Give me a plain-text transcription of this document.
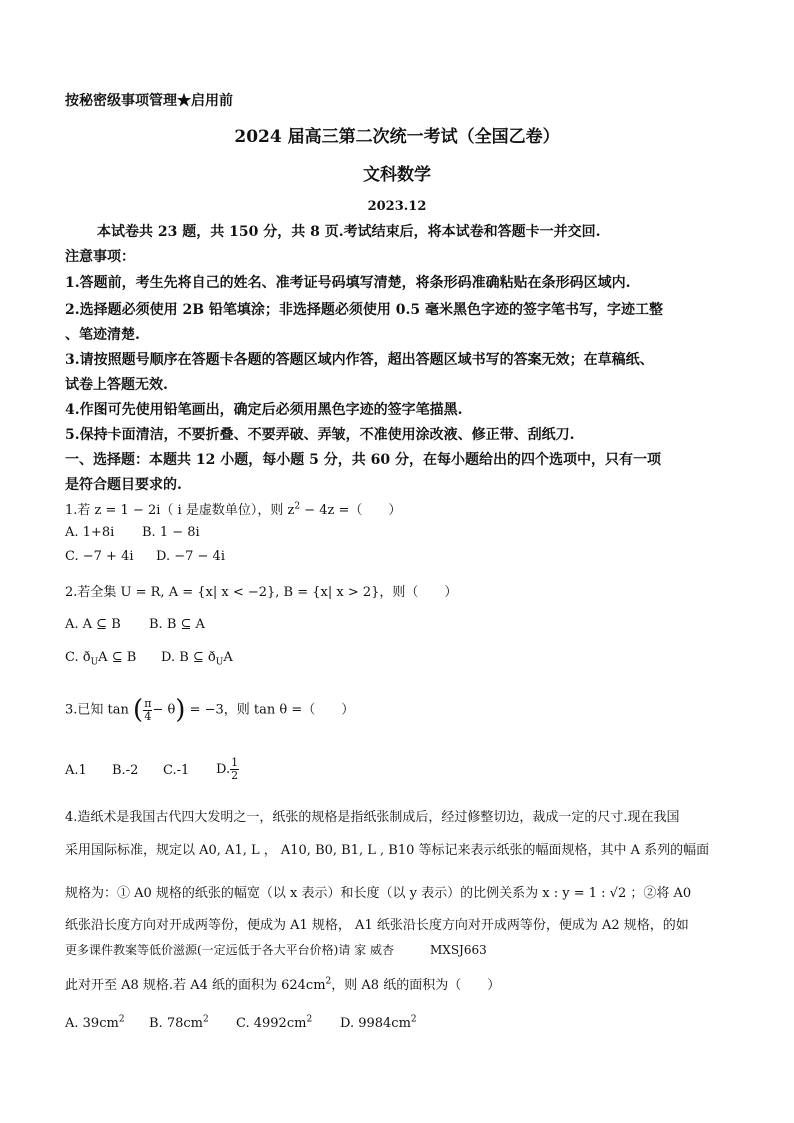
按秘密级事项管理★启用前
2024 届高三第二次统一考试（全国乙卷）
文科数学
2023.12
本试卷共 23 题，共 150 分，共 8 页.考试结束后，将本试卷和答题卡一并交回.
注意事项：
1.答题前，考生先将自己的姓名、准考证号码填写清楚，将条形码准确粘贴在条形码区域内.
2.选择题必须使用 2B 铅笔填涂；非选择题必须使用 0.5 毫米黑色字迹的签字笔书写，字迹工整
、笔迹清楚.
3.请按照题号顺序在答题卡各题的答题区域内作答，超出答题区域书写的答案无效；在草稿纸、
试卷上答题无效.
4.作图可先使用铅笔画出，确定后必须用黑色字迹的签字笔描黑.
5.保持卡面清洁，不要折叠、不要弄破、弄皱，不准使用涂改液、修正带、刮纸刀.
一、选择题：本题共 12 小题，每小题 5 分，共 60 分，在每小题给出的四个选项中，只有一项
是符合题目要求的.
1.若 z = 1 − 2i（ i 是虚数单位），则 $z^2 - 4z$ =（　　）
A. 1+8i B. 1 − 8i
C. −7 + 4i D. −7 − 4i
2.若全集 U = R, A = {x| x < −2}, B = {x| x > 2}，则（　　）
A. A ⊆ B B. B ⊆ A
C. $ð_UA$ ⊆ B D. B ⊆ $ð_UA$
3.已知 tan ( $\frac{\pi}{4} - \theta) = -3$，则 tan θ =（　　）
A.1 B.-2 C.-1 D. $\frac{1}{2}$
4.造纸术是我国古代四大发明之一，纸张的规格是指纸张制成后，经过修整切边，裁成一定的尺寸.现在我国
采用国际标准，规定以 A0, A1, L ， A10, B0, B1, L , B10 等标记来表示纸张的幅面规格，其中 A 系列的幅面
规格为：① A0 规格的纸张的幅宽（以 x 表示）和长度（以 y 表示）的比例关系为 x : y = 1 : √2 ；②将 A0
纸张沿长度方向对开成两等份，便成为 A1 规格， A1 纸张沿长度方向对开成两等份，便成为 A2 规格，的如
更多课件教案等低价滋源(一定远低于各大平台价格)请 家 威杏　　　MXSJ663
此对开至 A8 规格.若 A4 纸的面积为 $624cm^2$，则 A8 纸的面积为（　　）
A. $39cm^2$ B. $78cm^2$ C. $4992cm^2$ D. $9984cm^2$
